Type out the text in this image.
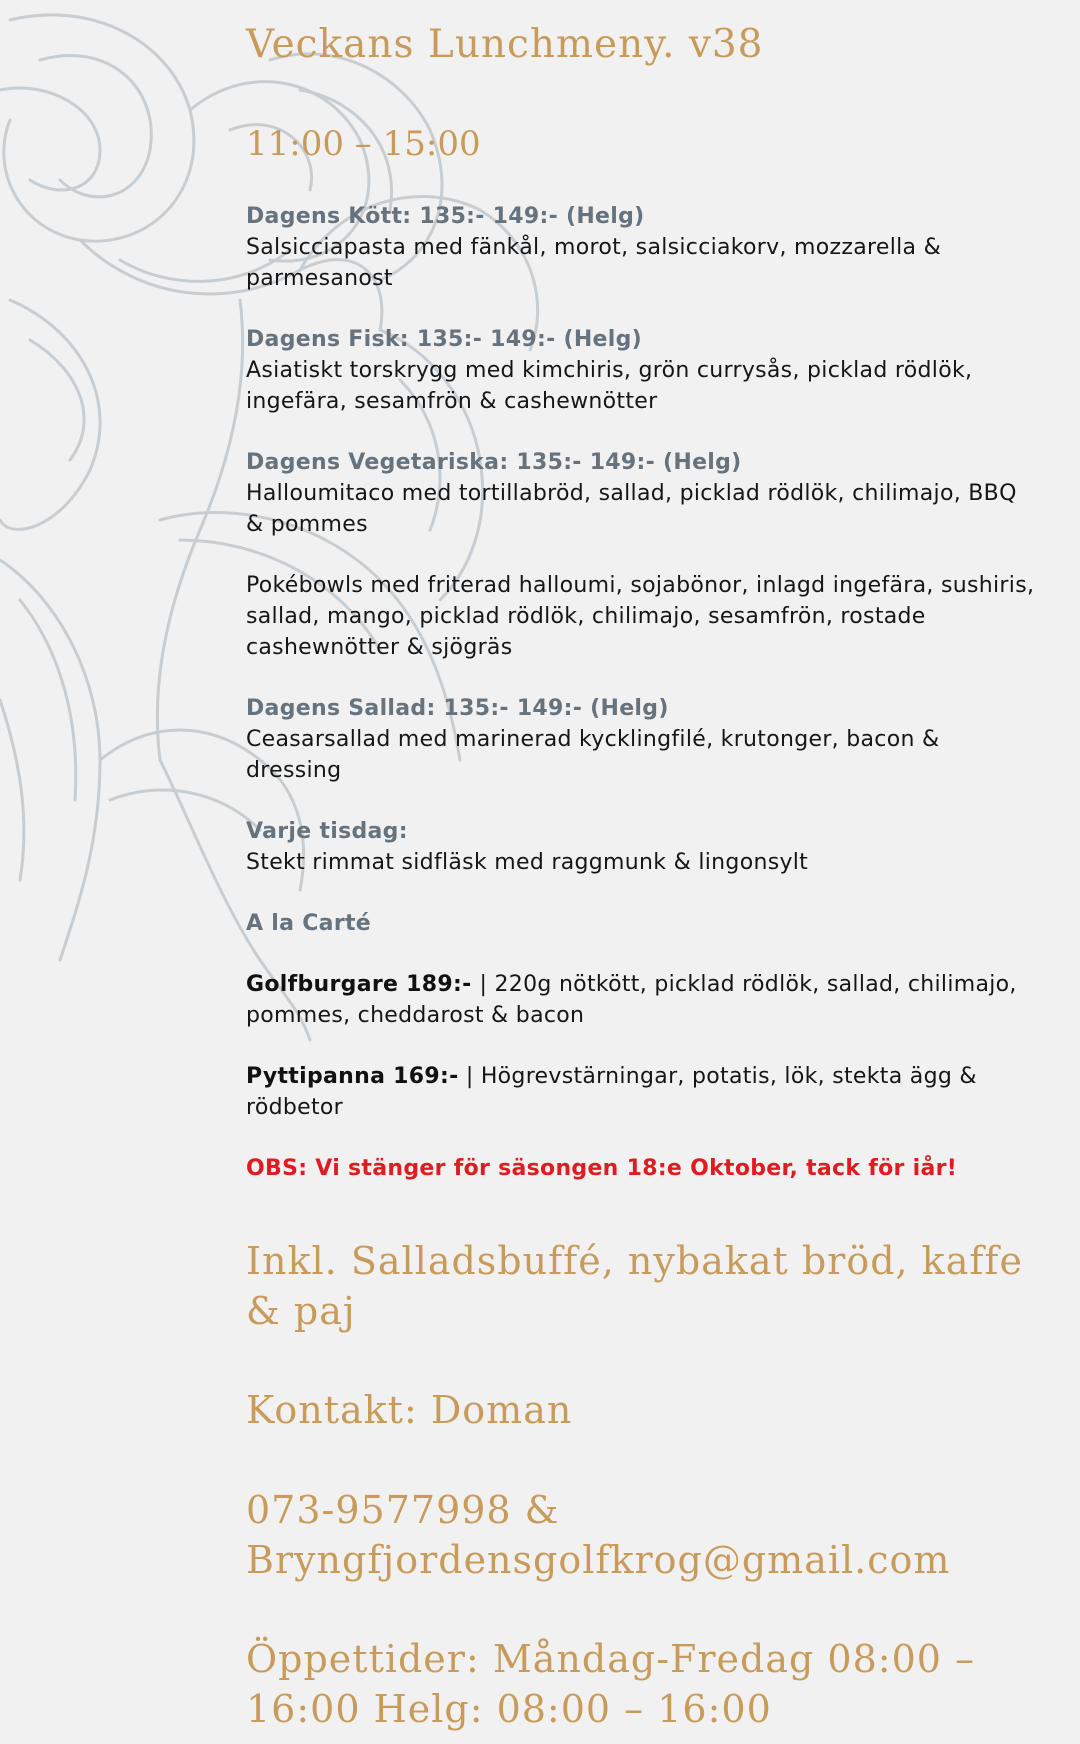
Veckans Lunchmeny. v38
11:00 – 15:00
Dagens Kött: 135:- 149:- (Helg)
Salsicciapasta med fänkål, morot, salsicciakorv, mozzarella & parmesanost
Dagens Fisk: 135:- 149:- (Helg)
Asiatiskt torskrygg med kimchiris, grön currysås, picklad rödlök, ingefära, sesamfrön & cashewnötter
Dagens Vegetariska: 135:- 149:- (Helg)
Halloumitaco med tortillabröd, sallad, picklad rödlök, chilimajo, BBQ & pommes
Pokébowls med friterad halloumi, sojabönor, inlagd ingefära, sushiris, sallad, mango, picklad rödlök, chilimajo, sesamfrön, rostade cashewnötter & sjögräs
Dagens Sallad: 135:- 149:- (Helg)
Ceasarsallad med marinerad kycklingfilé, krutonger, bacon & dressing
Varje tisdag:
Stekt rimmat sidfläsk med raggmunk & lingonsylt
A la Carté
Golfburgare 189:- | 220g nötkött, picklad rödlök, sallad, chilimajo, pommes, cheddarost & bacon
Pyttipanna 169:- | Högrevstärningar, potatis, lök, stekta ägg & rödbetor
OBS: Vi stänger för säsongen 18:e Oktober, tack för iår!
Inkl. Salladsbuffé, nybakat bröd, kaffe & paj
Kontakt: Doman
073-9577998 & Bryngfjordensgolfkrog@gmail.com
Öppettider: Måndag-Fredag 08:00 – 16:00 Helg: 08:00 – 16:00
